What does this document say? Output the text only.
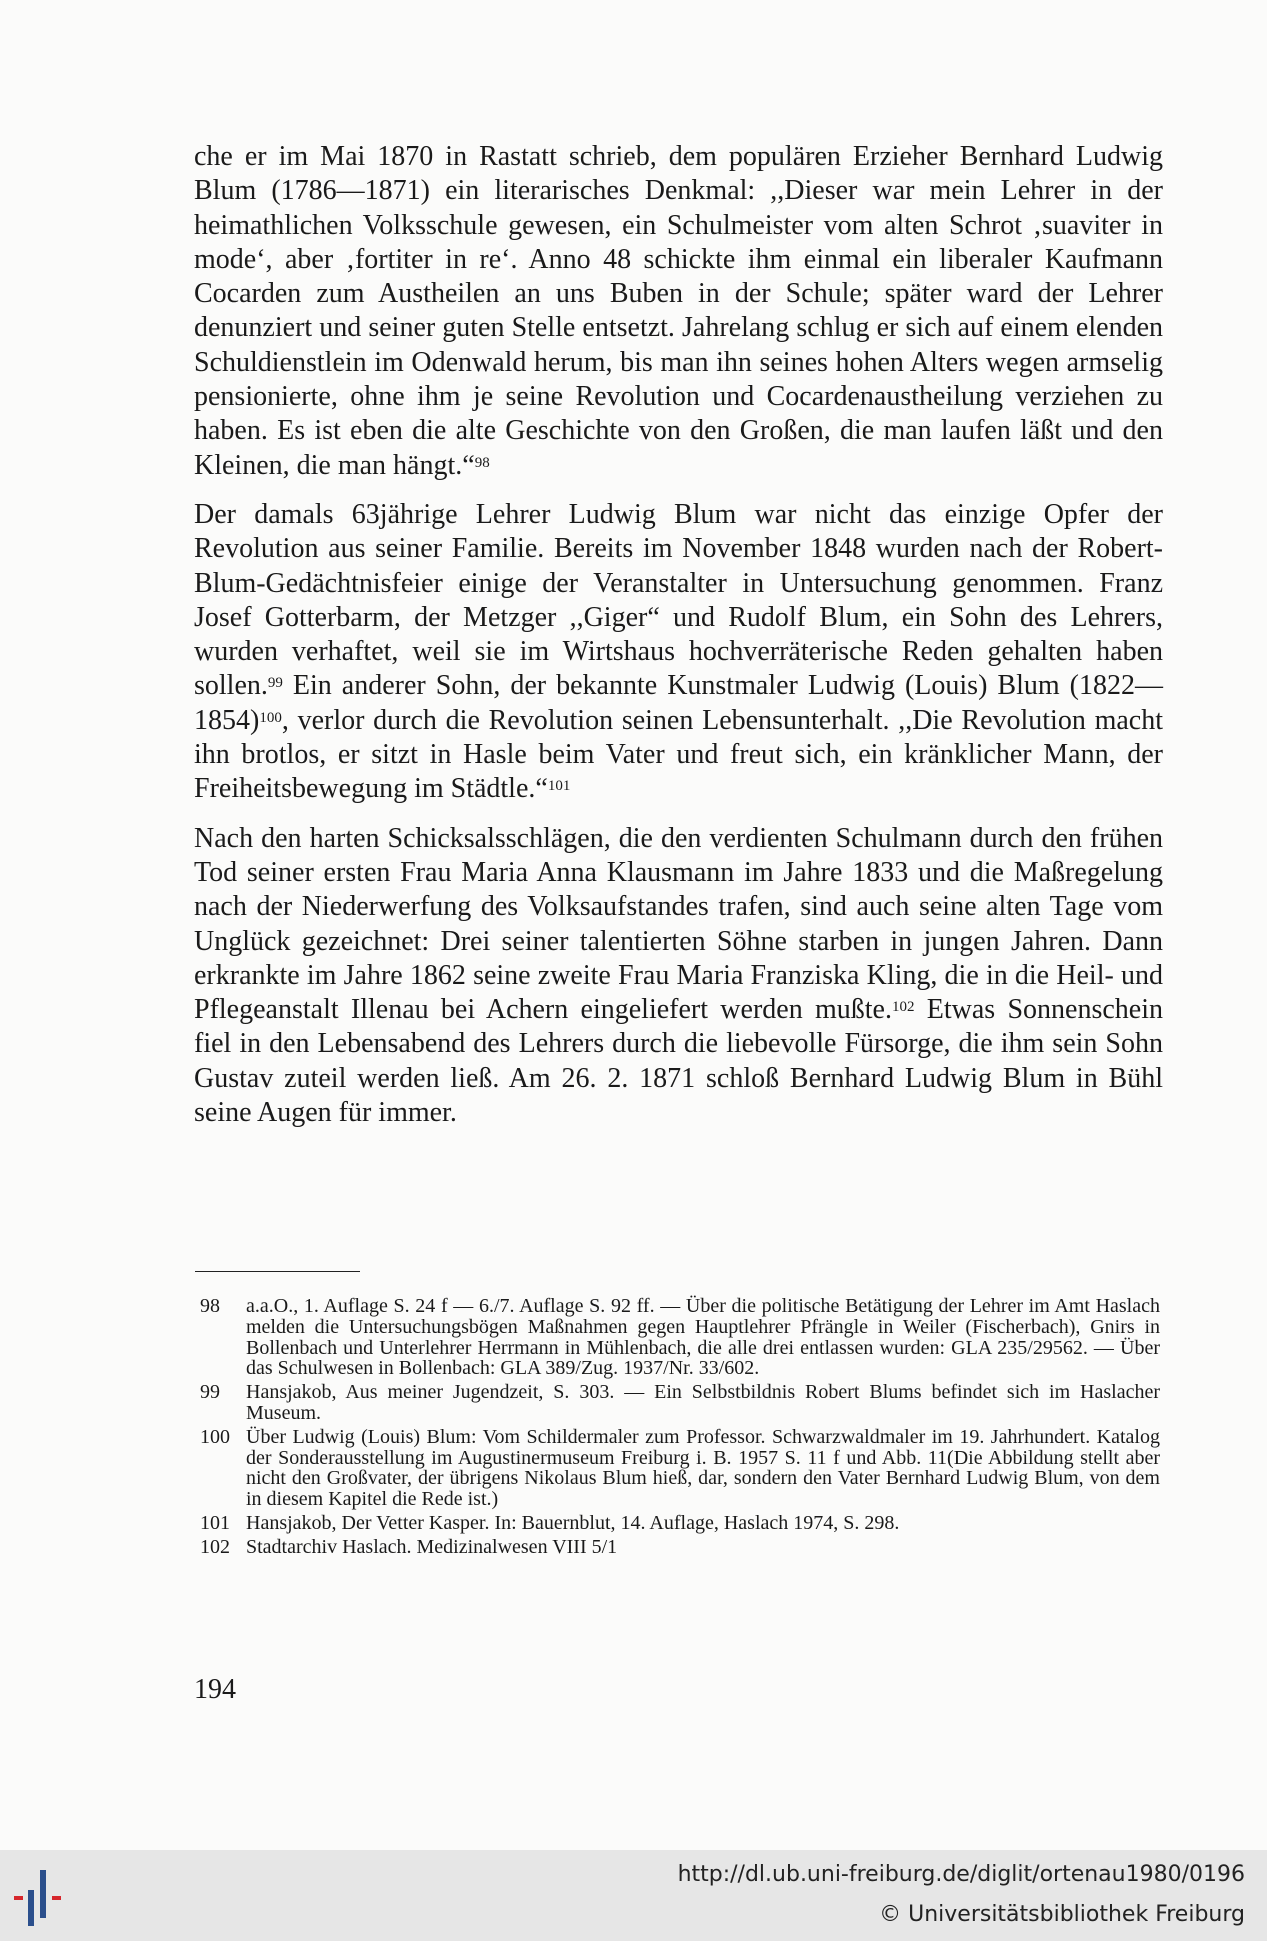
che er im Mai 1870 in Rastatt schrieb, dem populären Erzieher Bernhard Ludwig Blum (1786—1871) ein literarisches Denkmal: ,,Dieser war mein Lehrer in der heimathlichen Volksschule gewesen, ein Schulmeister vom alten Schrot ‚suaviter in mode‘, aber ‚fortiter in re‘. Anno 48 schickte ihm einmal ein liberaler Kaufmann Cocarden zum Austheilen an uns Buben in der Schule; später ward der Lehrer denunziert und seiner guten Stelle entsetzt. Jahrelang schlug er sich auf einem elenden Schuldienstlein im Odenwald herum, bis man ihn seines hohen Alters wegen armselig pensionierte, ohne ihm je seine Revolution und Cocardenaustheilung verziehen zu haben. Es ist eben die alte Geschichte von den Großen, die man laufen läßt und den Kleinen, die man hängt.“$^{98}$

Der damals 63jährige Lehrer Ludwig Blum war nicht das einzige Opfer der Revolution aus seiner Familie. Bereits im November 1848 wurden nach der Robert-Blum-Gedächtnisfeier einige der Veranstalter in Untersuchung genommen. Franz Josef Gotterbarm, der Metzger ,,Giger“ und Rudolf Blum, ein Sohn des Lehrers, wurden verhaftet, weil sie im Wirtshaus hochverräterische Reden gehalten haben sollen.$^{99}$ Ein anderer Sohn, der bekannte Kunstmaler Ludwig (Louis) Blum (1822—1854)$^{100}$, verlor durch die Revolution seinen Lebensunterhalt. ,,Die Revolution macht ihn brotlos, er sitzt in Hasle beim Vater und freut sich, ein kränklicher Mann, der Freiheitsbewegung im Städtle.“$^{101}$

Nach den harten Schicksalsschlägen, die den verdienten Schulmann durch den frühen Tod seiner ersten Frau Maria Anna Klausmann im Jahre 1833 und die Maßregelung nach der Niederwerfung des Volksaufstandes trafen, sind auch seine alten Tage vom Unglück gezeichnet: Drei seiner talentierten Söhne starben in jungen Jahren. Dann erkrankte im Jahre 1862 seine zweite Frau Maria Franziska Kling, die in die Heil- und Pflegeanstalt Illenau bei Achern eingeliefert werden mußte.$^{102}$ Etwas Sonnenschein fiel in den Lebensabend des Lehrers durch die liebevolle Fürsorge, die ihm sein Sohn Gustav zuteil werden ließ. Am 26. 2. 1871 schloß Bernhard Ludwig Blum in Bühl seine Augen für immer.

98	a.a.O., 1. Auflage S. 24 f — 6./7. Auflage S. 92 ff. — Über die politische Betätigung der Lehrer im Amt Haslach melden die Untersuchungsbögen Maßnahmen gegen Hauptlehrer Pfrängle in Weiler (Fischerbach), Gnirs in Bollenbach und Unterlehrer Herrmann in Mühlenbach, die alle drei entlassen wurden: GLA 235/29562. — Über das Schulwesen in Bollenbach: GLA 389/Zug. 1937/Nr. 33/602.
99	Hansjakob, Aus meiner Jugendzeit, S. 303. — Ein Selbstbildnis Robert Blums befindet sich im Haslacher Museum.
100 Über Ludwig (Louis) Blum: Vom Schildermaler zum Professor. Schwarzwaldmaler im 19. Jahrhundert. Katalog der Sonderausstellung im Augustinermuseum Freiburg i. B. 1957 S. 11 f und Abb. 11(Die Abbildung stellt aber nicht den Großvater, der übrigens Nikolaus Blum hieß, dar, sondern den Vater Bernhard Ludwig Blum, von dem in diesem Kapitel die Rede ist.)
101 Hansjakob, Der Vetter Kasper. In: Bauernblut, 14. Auflage, Haslach 1974, S. 298.
102 Stadtarchiv Haslach. Medizinalwesen VIII 5/1
194
http://dl.ub.uni-freiburg.de/diglit/ortenau1980/0196
© Universitätsbibliothek Freiburg
